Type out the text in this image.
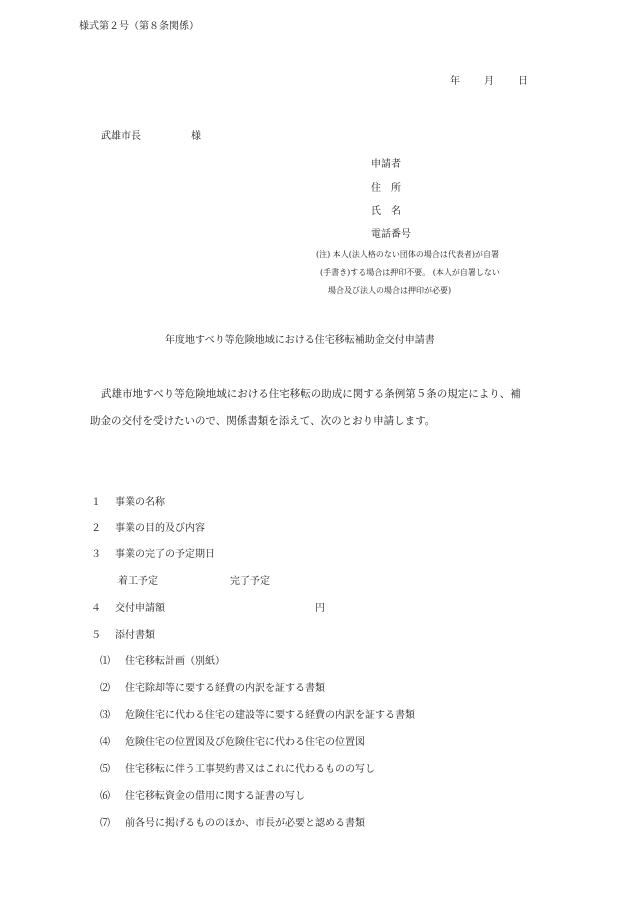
様式第２号（第８条関係）
年 月 日
武雄市長	様
申請者
住　所
氏　名
電話番号
(注) 本人(法人格のない団体の場合は代表者)が自署
(手書き)する場合は押印不要。 (本人が自署しない
場合及び法人の場合は押印が必要)
年度地すべり等危険地域における住宅移転補助金交付申請書
武雄市地すべり等危険地域における住宅移転の助成に関する条例第５条の規定により、補
助金の交付を受けたいので、関係書類を添えて、次のとおり申請します。
１ 事業の名称
２ 事業の目的及び内容
３ 事業の完了の予定期日
着工予定	完了予定
４ 交付申請額	円
５ 添付書類
⑴ 住宅移転計画（別紙）
⑵ 住宅除却等に要する経費の内訳を証する書類
⑶ 危険住宅に代わる住宅の建設等に要する経費の内訳を証する書類
⑷ 危険住宅の位置図及び危険住宅に代わる住宅の位置図
⑸ 住宅移転に伴う工事契約書又はこれに代わるものの写し
⑹ 住宅移転資金の借用に関する証書の写し
⑺ 前各号に掲げるもののほか、市長が必要と認める書類
